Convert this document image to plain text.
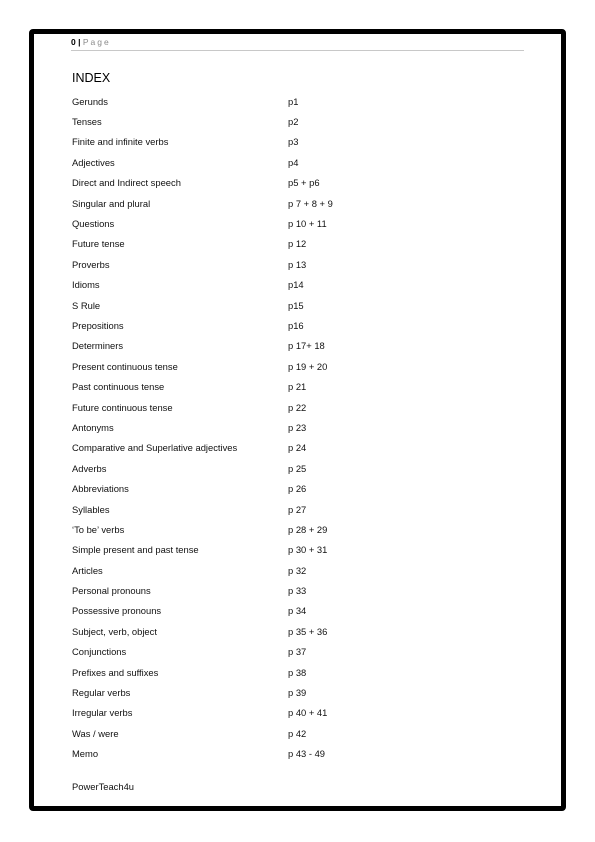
0 | Page
INDEX
Gerunds	p1
Tenses	p2
Finite and infinite verbs	p3
Adjectives	p4
Direct and Indirect speech	p5 + p6
Singular and plural	p 7 + 8 + 9
Questions	p 10 + 11
Future tense	p 12
Proverbs	p 13
Idioms	p14
S Rule	p15
Prepositions	p16
Determiners	p 17+ 18
Present continuous tense	p 19 + 20
Past continuous tense	p 21
Future continuous tense	p 22
Antonyms	p 23
Comparative and Superlative adjectives	p 24
Adverbs	p 25
Abbreviations	p 26
Syllables	p 27
‘To be’ verbs	p 28 + 29
Simple present and past tense	p 30 + 31
Articles	p 32
Personal pronouns	p 33
Possessive pronouns	p 34
Subject, verb, object	p 35 + 36
Conjunctions	p 37
Prefixes and suffixes	p 38
Regular verbs	p 39
Irregular verbs	p 40 + 41
Was / were	p 42
Memo	p 43 - 49
PowerTeach4u
